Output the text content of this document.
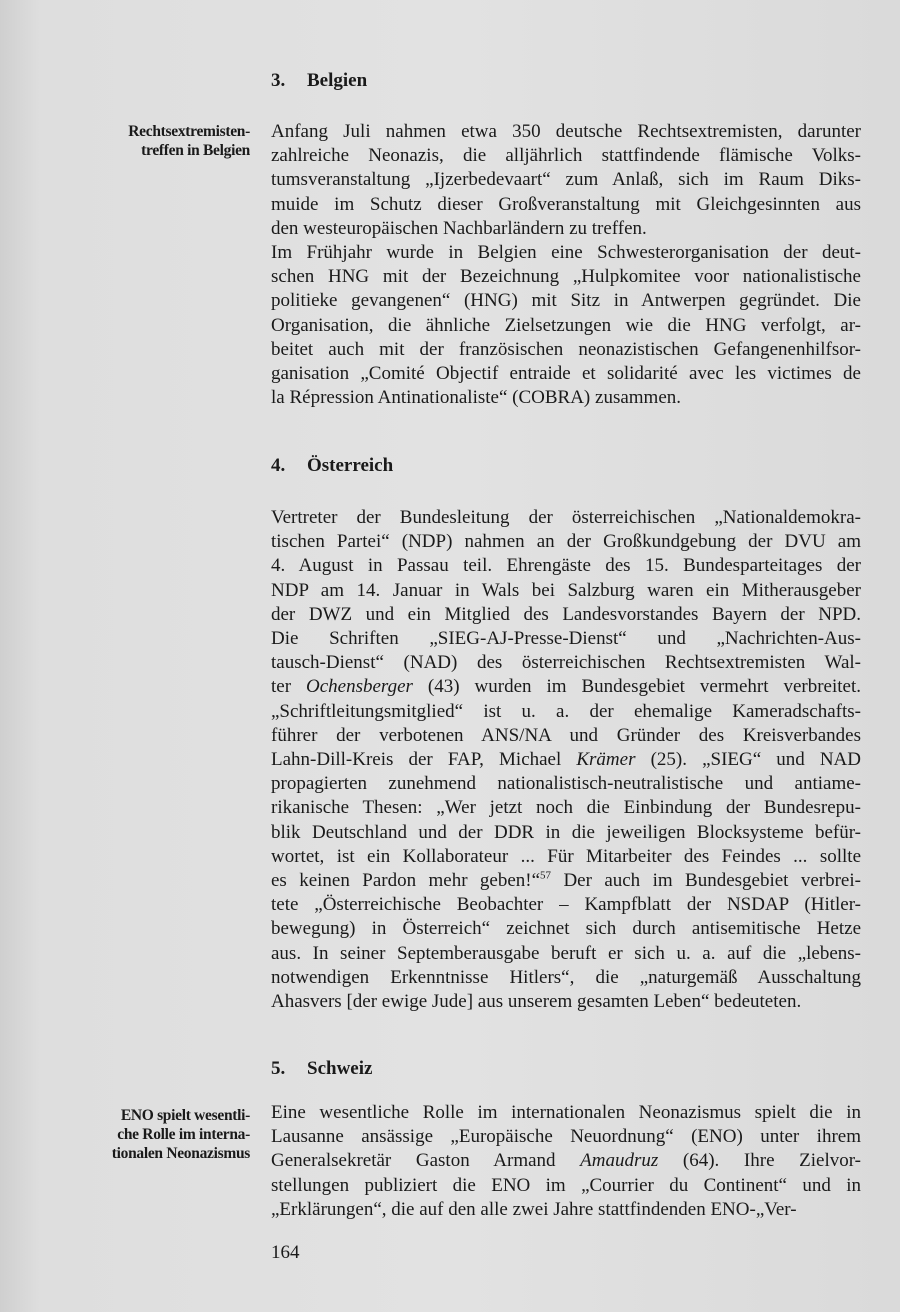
3. Belgien

Rechtsextremisten-
treffen in Belgien

Anfang Juli nahmen etwa 350 deutsche Rechtsextremisten, darunter
zahlreiche Neonazis, die alljährlich stattfindende flämische Volks-
tumsveranstaltung „Ijzerbedevaart“ zum Anlaß, sich im Raum Diks-
muide im Schutz dieser Großveranstaltung mit Gleichgesinnten aus
den westeuropäischen Nachbarländern zu treffen.
Im Frühjahr wurde in Belgien eine Schwesterorganisation der deut-
schen HNG mit der Bezeichnung „Hulpkomitee voor nationalistische
politieke gevangenen“ (HNG) mit Sitz in Antwerpen gegründet. Die
Organisation, die ähnliche Zielsetzungen wie die HNG verfolgt, ar-
beitet auch mit der französischen neonazistischen Gefangenenhilfsor-
ganisation „Comité Objectif entraide et solidarité avec les victimes de
la Répression Antinationaliste“ (COBRA) zusammen.
4. Österreich
Vertreter der Bundesleitung der österreichischen „Nationaldemokra-
tischen Partei“ (NDP) nahmen an der Großkundgebung der DVU am
4. August in Passau teil. Ehrengäste des 15. Bundesparteitages der
NDP am 14. Januar in Wals bei Salzburg waren ein Mitherausgeber
der DWZ und ein Mitglied des Landesvorstandes Bayern der NPD.
Die Schriften „SIEG-AJ-Presse-Dienst“ und „Nachrichten-Aus-
tausch-Dienst“ (NAD) des österreichischen Rechtsextremisten Wal-
ter Ochensberger (43) wurden im Bundesgebiet vermehrt verbreitet.
„Schriftleitungsmitglied“ ist u. a. der ehemalige Kameradschafts-
führer der verbotenen ANS/NA und Gründer des Kreisverbandes
Lahn-Dill-Kreis der FAP, Michael Krämer (25). „SIEG“ und NAD
propagierten zunehmend nationalistisch-neutralistische und antiame-
rikanische Thesen: „Wer jetzt noch die Einbindung der Bundesrepu-
blik Deutschland und der DDR in die jeweiligen Blocksysteme befür-
wortet, ist ein Kollaborateur ... Für Mitarbeiter des Feindes ... sollte
es keinen Pardon mehr geben!“$^{57}$ Der auch im Bundesgebiet verbrei-
tete „Österreichische Beobachter – Kampfblatt der NSDAP (Hitler-
bewegung) in Österreich“ zeichnet sich durch antisemitische Hetze
aus. In seiner Septemberausgabe beruft er sich u. a. auf die „lebens-
notwendigen Erkenntnisse Hitlers“, die „naturgemäß Ausschaltung
Ahasvers [der ewige Jude] aus unserem gesamten Leben“ bedeuteten.
5. Schweiz

ENO spielt wesentli-
che Rolle im interna-
tionalen Neonazismus

Eine wesentliche Rolle im internationalen Neonazismus spielt die in
Lausanne ansässige „Europäische Neuordnung“ (ENO) unter ihrem
Generalsekretär Gaston Armand Amaudruz (64). Ihre Zielvor-
stellungen publiziert die ENO im „Courrier du Continent“ und in
„Erklärungen“, die auf den alle zwei Jahre stattfindenden ENO-„Ver-

164
